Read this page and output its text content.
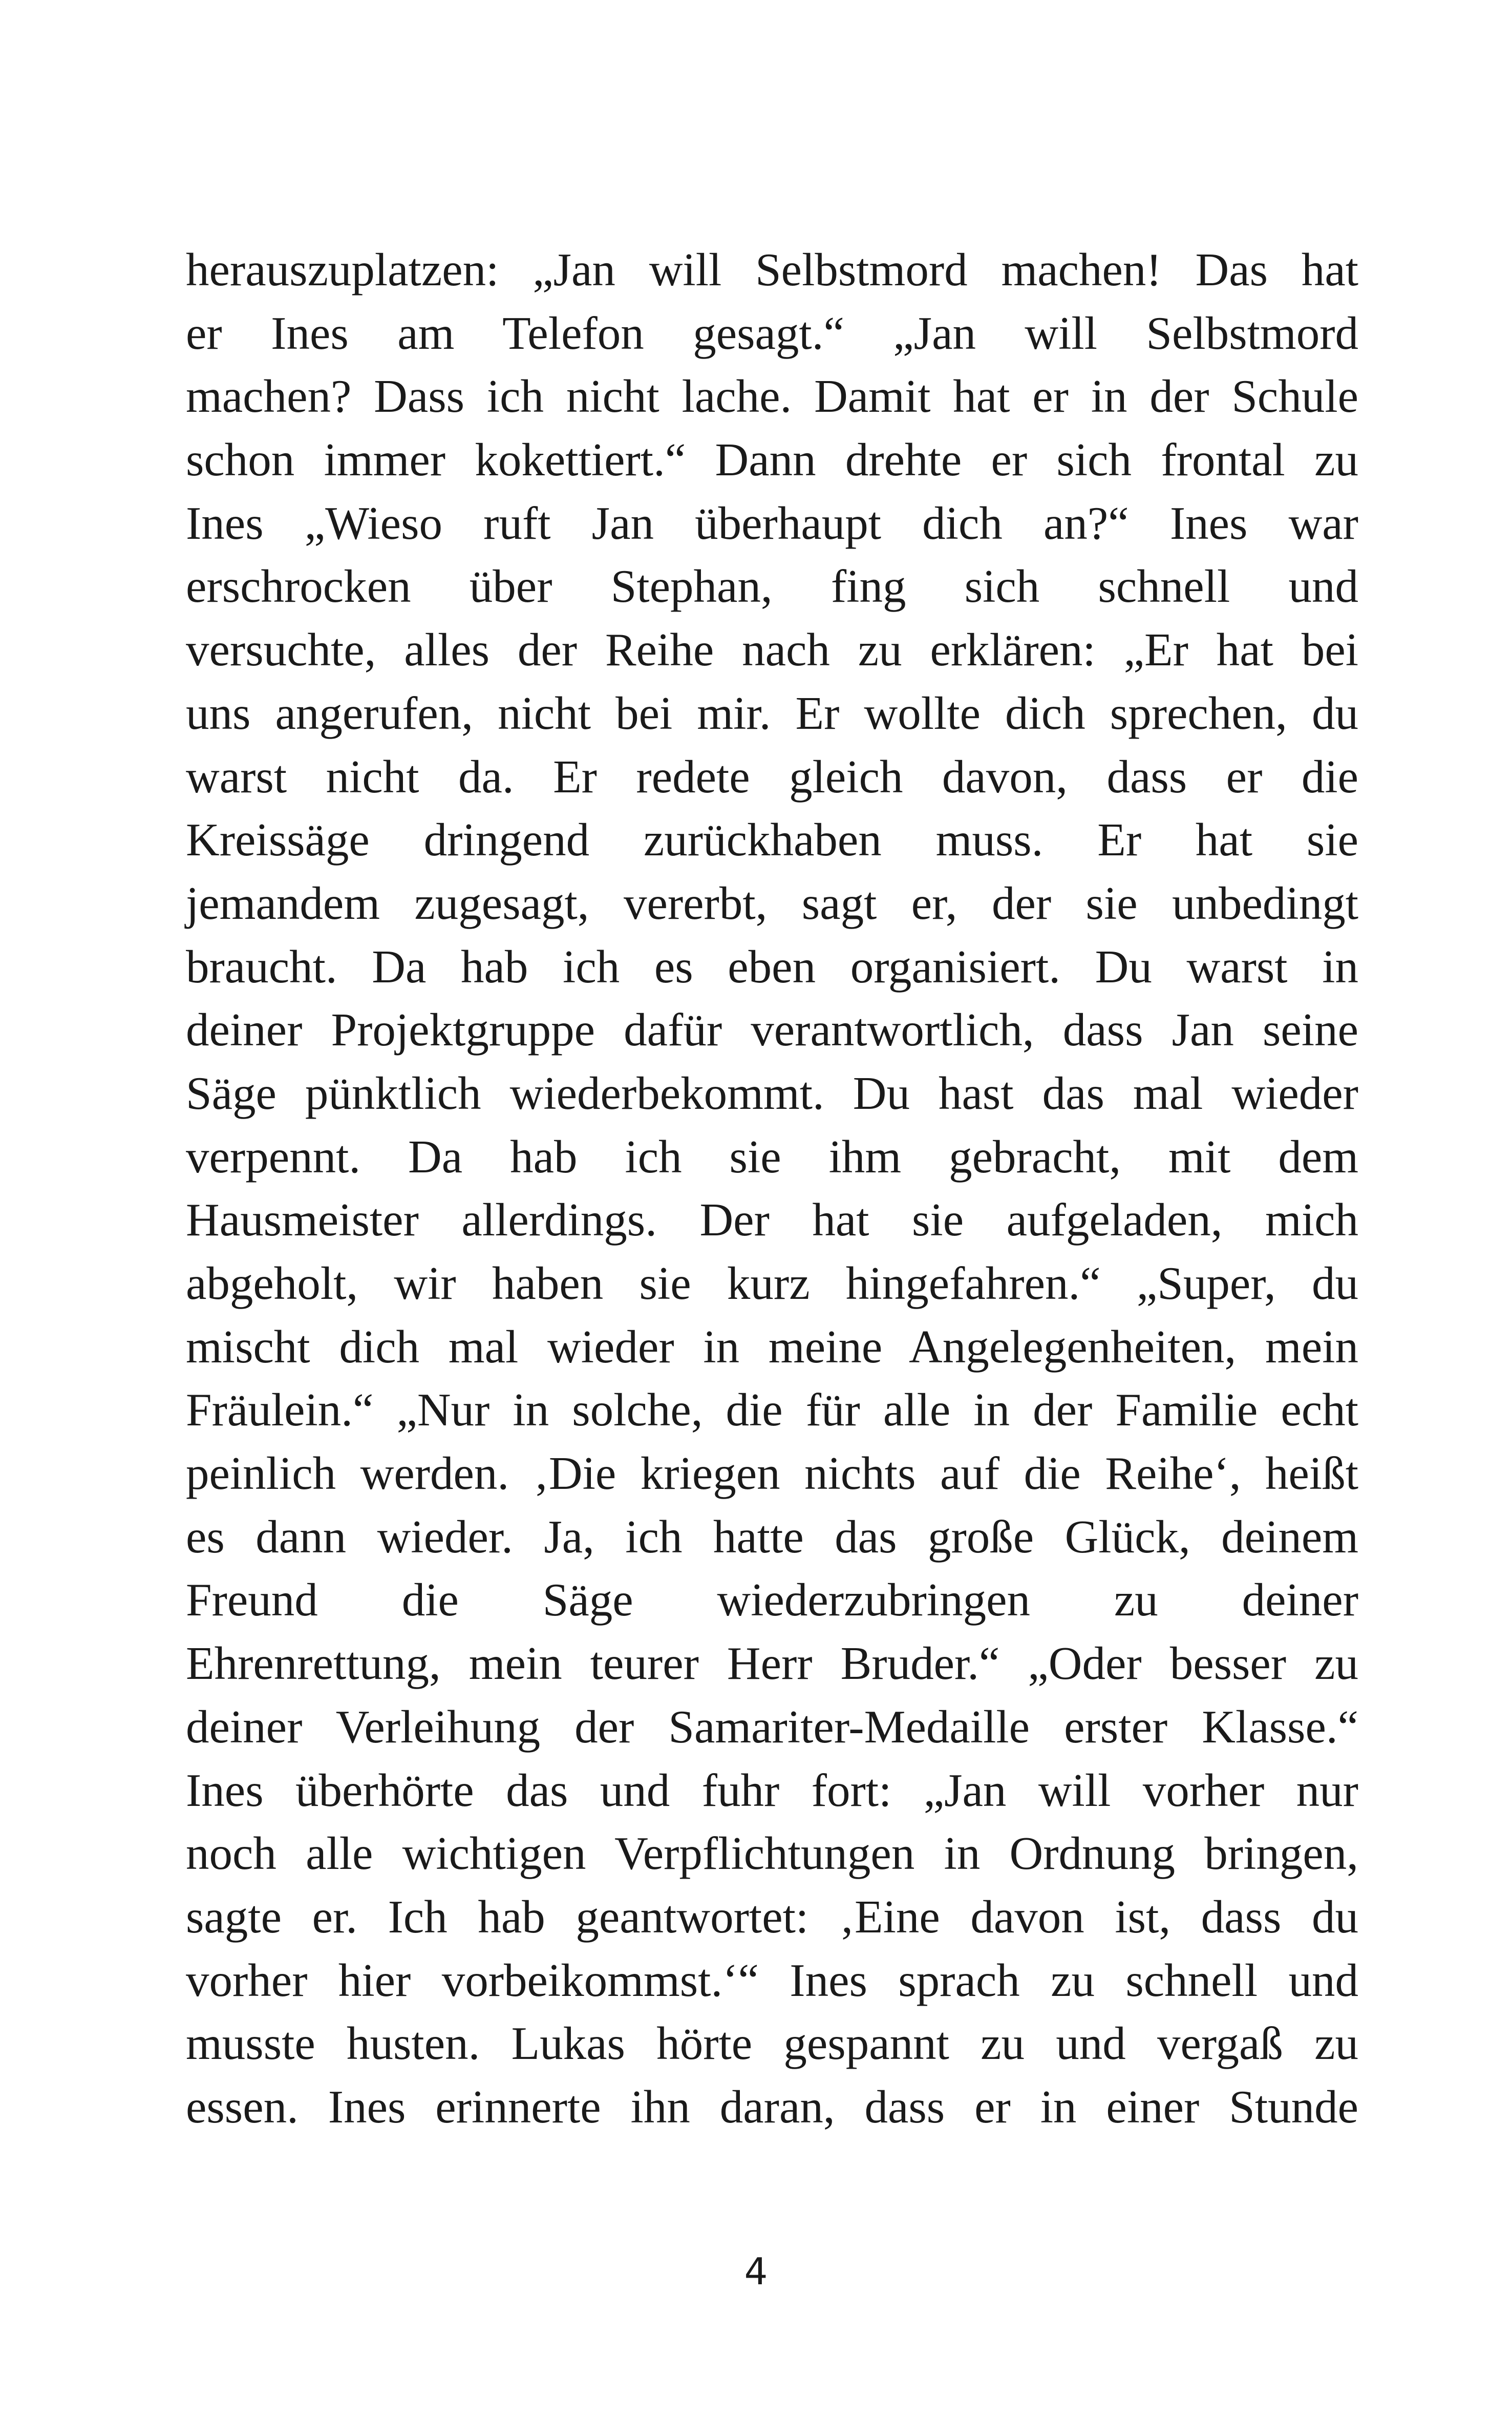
herauszuplatzen: „Jan will Selbstmord machen! Das hat
er Ines am Telefon gesagt.“ „Jan will Selbstmord
machen? Dass ich nicht lache. Damit hat er in der Schule
schon immer kokettiert.“ Dann drehte er sich frontal zu
Ines „Wieso ruft Jan überhaupt dich an?“ Ines war
erschrocken über Stephan, fing sich schnell und
versuchte, alles der Reihe nach zu erklären: „Er hat bei
uns angerufen, nicht bei mir. Er wollte dich sprechen, du
warst nicht da. Er redete gleich davon, dass er die
Kreissäge dringend zurückhaben muss. Er hat sie
jemandem zugesagt, vererbt, sagt er, der sie unbedingt
braucht. Da hab ich es eben organisiert. Du warst in
deiner Projektgruppe dafür verantwortlich, dass Jan seine
Säge pünktlich wiederbekommt. Du hast das mal wieder
verpennt. Da hab ich sie ihm gebracht, mit dem
Hausmeister allerdings. Der hat sie aufgeladen, mich
abgeholt, wir haben sie kurz hingefahren.“ „Super, du
mischt dich mal wieder in meine Angelegenheiten, mein
Fräulein.“ „Nur in solche, die für alle in der Familie echt
peinlich werden. ‚Die kriegen nichts auf die Reihe‘, heißt
es dann wieder. Ja, ich hatte das große Glück, deinem
Freund die Säge wiederzubringen zu deiner
Ehrenrettung, mein teurer Herr Bruder.“ „Oder besser zu
deiner Verleihung der Samariter-Medaille erster Klasse.“
Ines überhörte das und fuhr fort: „Jan will vorher nur
noch alle wichtigen Verpflichtungen in Ordnung bringen,
sagte er. Ich hab geantwortet: ‚Eine davon ist, dass du
vorher hier vorbeikommst.‘“ Ines sprach zu schnell und
musste husten. Lukas hörte gespannt zu und vergaß zu
essen. Ines erinnerte ihn daran, dass er in einer Stunde
4
